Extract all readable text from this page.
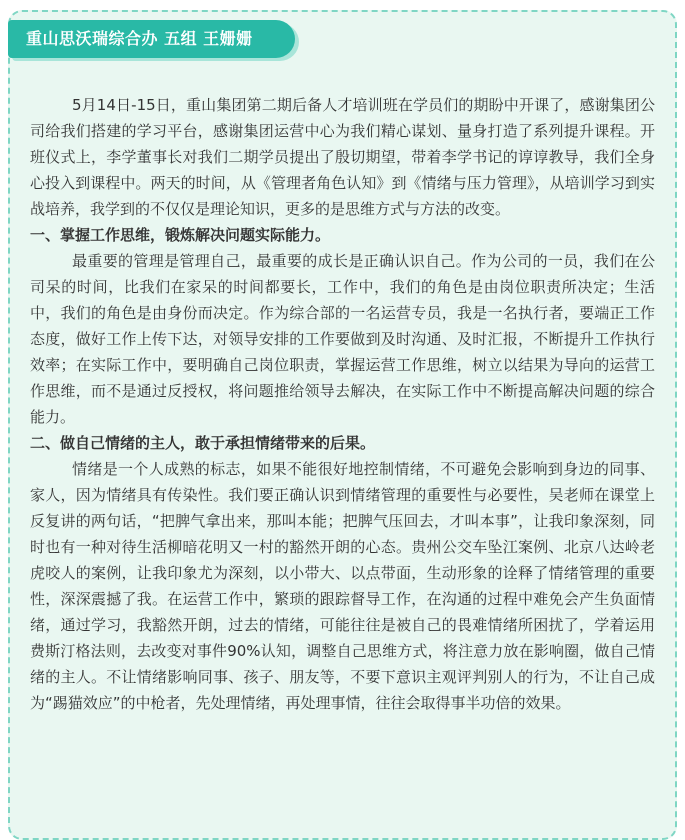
重山思沃瑞综合办 五组 王姗姗

5月14日-15日，重山集团第二期后备人才培训班在学员们的期盼中开课了，感谢集团公司给我们搭建的学习平台，感谢集团运营中心为我们精心谋划、量身打造了系列提升课程。开班仪式上，李学董事长对我们二期学员提出了殷切期望，带着李学书记的谆谆教导，我们全身心投入到课程中。两天的时间，从《管理者角色认知》到《情绪与压力管理》，从培训学习到实战培养，我学到的不仅仅是理论知识，更多的是思维方式与方法的改变。

一、掌握工作思维，锻炼解决问题实际能力。

最重要的管理是管理自己，最重要的成长是正确认识自己。作为公司的一员，我们在公司呆的时间，比我们在家呆的时间都要长，工作中，我们的角色是由岗位职责所决定；生活中，我们的角色是由身份而决定。作为综合部的一名运营专员，我是一名执行者，要端正工作态度，做好工作上传下达，对领导安排的工作要做到及时沟通、及时汇报，不断提升工作执行效率；在实际工作中，要明确自己岗位职责，掌握运营工作思维，树立以结果为导向的运营工作思维，而不是通过反授权，将问题推给领导去解决，在实际工作中不断提高解决问题的综合能力。

二、做自己情绪的主人，敢于承担情绪带来的后果。

情绪是一个人成熟的标志，如果不能很好地控制情绪，不可避免会影响到身边的同事、家人，因为情绪具有传染性。我们要正确认识到情绪管理的重要性与必要性，吴老师在课堂上反复讲的两句话，“把脾气拿出来，那叫本能；把脾气压回去，才叫本事”，让我印象深刻，同时也有一种对待生活柳暗花明又一村的豁然开朗的心态。贵州公交车坠江案例、北京八达岭老虎咬人的案例，让我印象尤为深刻，以小带大、以点带面，生动形象的诠释了情绪管理的重要性，深深震撼了我。在运营工作中，繁琐的跟踪督导工作，在沟通的过程中难免会产生负面情绪，通过学习，我豁然开朗，过去的情绪，可能往往是被自己的畏难情绪所困扰了，学着运用费斯汀格法则，去改变对事件90%认知，调整自己思维方式，将注意力放在影响圈，做自己情绪的主人。不让情绪影响同事、孩子、朋友等，不要下意识主观评判别人的行为，不让自己成为“踢猫效应”的中枪者，先处理情绪，再处理事情，往往会取得事半功倍的效果。
